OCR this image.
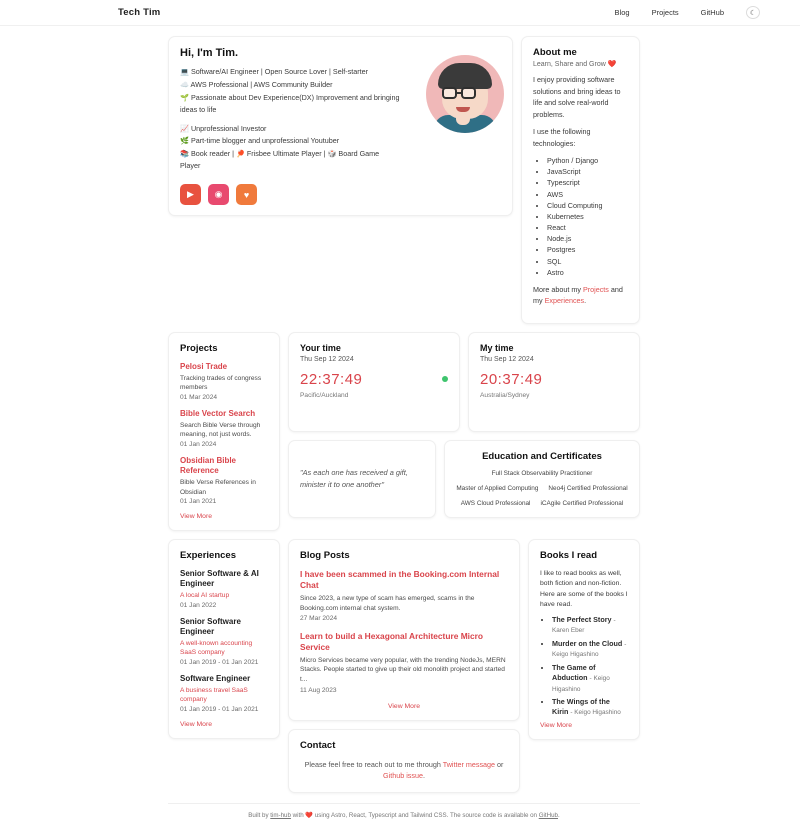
Tech Tim	Blog	Projects	GitHub	☾
Hi, I'm Tim.
💻 Software/AI Engineer | Open Source Lover | Self-starter
☁️ AWS Professional | AWS Community Builder
🌱 Passionate about Dev Experience(DX) Improvement and bringing ideas to life
📈 Unprofessional Investor
🌿 Part-time blogger and unprofessional Youtuber
📚 Book reader | 🏓 Frisbee Ultimate Player | 🎲 Board Game Player
▶	◉	♥
About me
Learn, Share and Grow ❤️

I enjoy providing software solutions and bring ideas to life and solve real-world problems.

I use the following technologies:

• Python / Django
• JavaScript
• Typescript
• AWS
• Cloud Computing
• Kubernetes
• React
• Node.js
• Postgres
• SQL
• Astro

More about my Projects and my Experiences.

Projects
Pelosi Trade
Tracking trades of congress members
01 Mar 2024
Bible Vector Search
Search Bible Verse through meaning, not just words.
01 Jan 2024
Obsidian Bible Reference
Bible Verse References in Obsidian
01 Jan 2021
View More
Your time
Thu Sep 12 2024
22:37:49
Pacific/Auckland
My time
Thu Sep 12 2024
20:37:49
Australia/Sydney
"As each one has received a gift, minister it to one another"
Education and Certificates
Full Stack Observability Practitioner
Master of Applied Computing Neo4j Certified Professional
AWS Cloud Professional iCAgile Certified Professional
Experiences
Senior Software & AI Engineer
A local AI startup
01 Jan 2022
Senior Software Engineer
A well-known accounting SaaS company
01 Jan 2019 - 01 Jan 2021
Software Engineer
A business travel SaaS company
01 Jan 2019 - 01 Jan 2021
View More
Blog Posts
I have been scammed in the Booking.com Internal Chat
Since 2023, a new type of scam has emerged, scams in the Booking.com internal chat system.
27 Mar 2024
Learn to build a Hexagonal Architecture Micro Service
Micro Services became very popular, with the trending NodeJs, MERN Stacks. People started to give up their old monolith project and started t...
11 Aug 2023
View More
Contact
Please feel free to reach out to me through Twitter message or Github issue.
Books I read

I like to read books as well, both fiction and non-fiction. Here are some of the books I have read.

• The Perfect Story - Karen Eber
• Murder on the Cloud - Keigo Higashino
• The Game of Abduction - Keigo Higashino
• The Wings of the Kirin - Keigo Higashino
View More
Built by tim-hub with ❤️ using Astro, React, Typescript and Tailwind CSS. The source code is available on GitHub.
